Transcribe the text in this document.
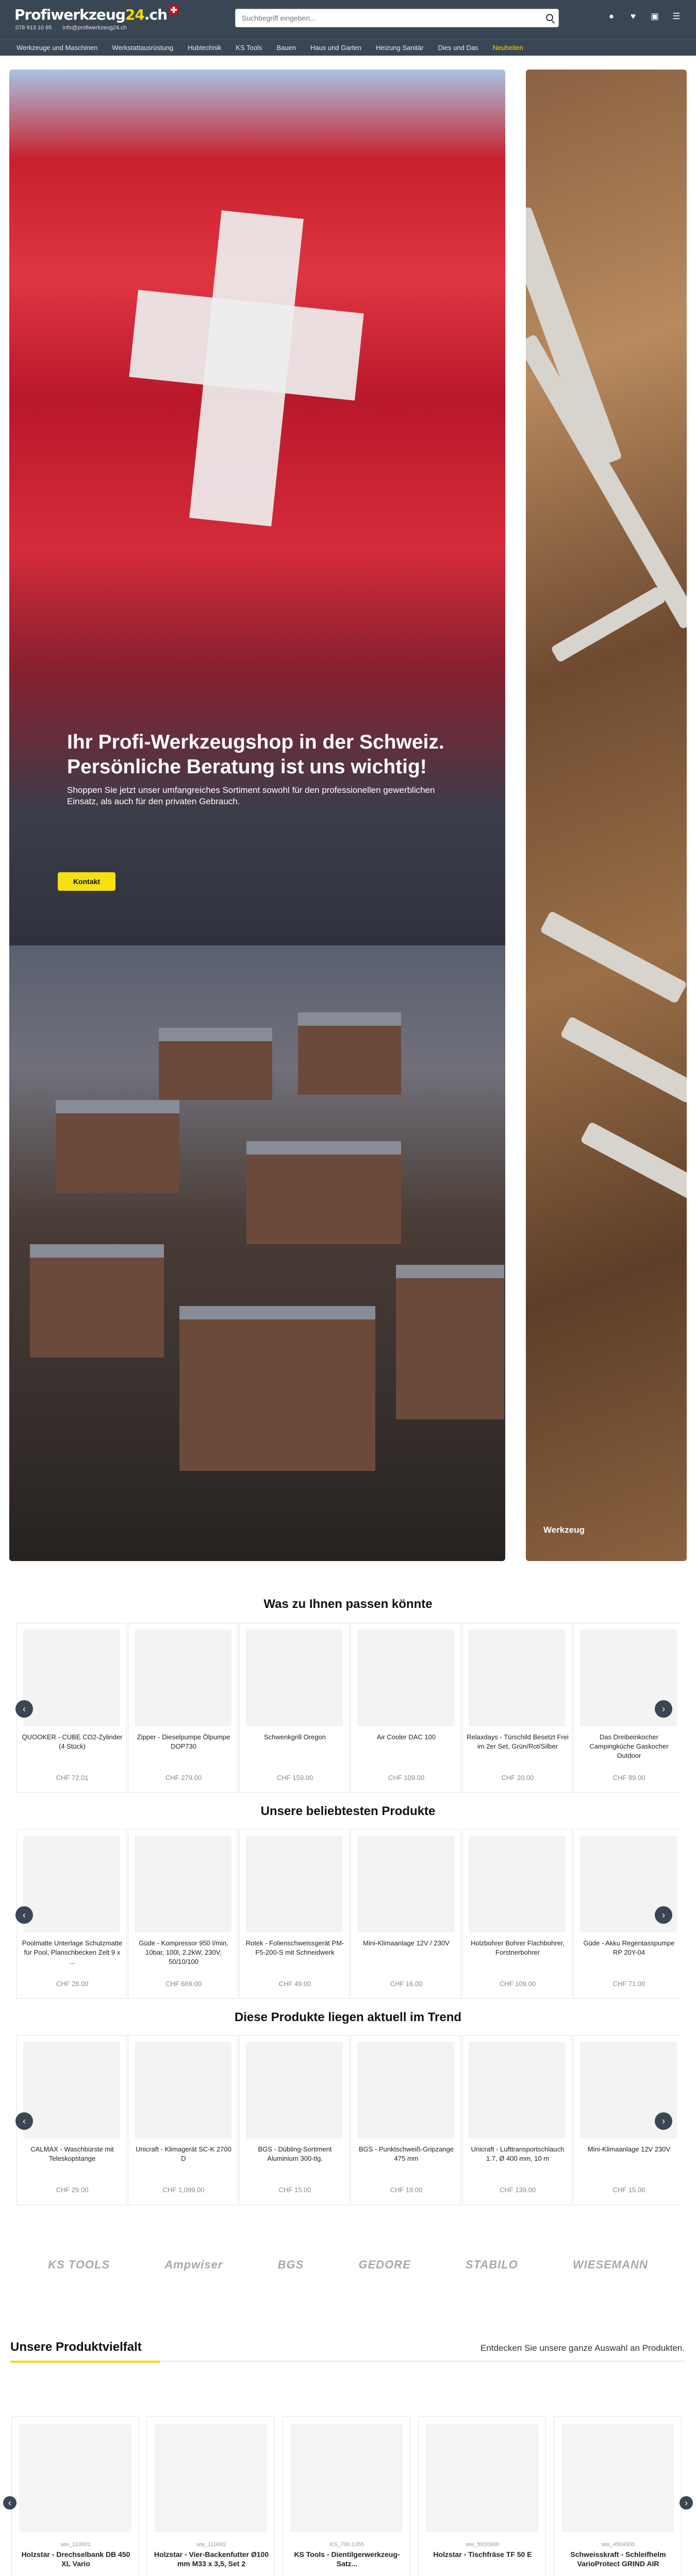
Profiwerkzeug24.ch
078 913 10 85 info@profiwerkzeug24.ch
Suchbegriff eingeben...
● ♥ ▣ ☰
Werkzeuge und Maschinen Werkstattausrüstung Hubtechnik KS Tools Bauen Haus und Garten Heizung Sanitär Dies und Das Neuheiten
Ihr Profi-Werkzeugshop in der Schweiz.
Persönliche Beratung ist uns wichtig!

Shoppen Sie jetzt unser umfangreiches Sortiment sowohl für den professionellen gewerblichen Einsatz, als auch für den privaten Gebrauch.

Kontakt
Werkzeug
Was zu Ihnen passen könnte
QUOOKER - CUBE CO2-Zylinder (4 Stück)
CHF 72.01
Zipper - Dieselpumpe Ölpumpe DOP730
CHF 279.00
Schwenkgrill Oregon
CHF 159.00
Air Cooler DAC 100
CHF 109.00
Relaxdays - Türschild Besetzt Frei im 2er Set, Grün/Rot/Silber
CHF 20.00
Das Dreibeinkocher Campingküche Gaskocher Outdoor
CHF 89.00
‹	›
Unsere beliebtesten Produkte
Poolmatte Unterlage Schutzmatte für Pool, Planschbecken Zelt 9 x ...
CHF 28.00
Güde - Kompressor 950 l/min, 10bar, 100l, 2,2kW, 230V, 50/10/100
CHF 669.00
Rotek - Folienschweissgerät PM-F5-200-S mit Schneidwerk
CHF 49.00
Mini-Klimaanlage 12V / 230V
CHF 16.00
Holzbohrer Bohrer Flachbohrer, Forstnerbohrer
CHF 109.00
Güde - Akku Regentasspumpe RP 20Y-04
CHF 71.00
‹	›
Diese Produkte liegen aktuell im Trend
CALMAX - Waschbürste mit Teleskopstange
CHF 29.00
Unicraft - Klimagerät SC-K 2700 D
CHF 1,099.00
BGS - Dübling-Sortiment Aluminium 300-tlg.
CHF 15.00
BGS - Punktschweiß-Gripzange 475 mm
CHF 19.00
Unicraft - Lufttransportschlauch 1.7, Ø 400 mm, 10 m
CHF 139.00
Mini-Klimaanlage 12V 230V
CHF 15.00
‹	›
KS TOOLS	Ampwiser	BGS	GEDORE	STABILO	WIESEMANN
Unsere Produktvielfalt	Entdecken Sie unsere ganze Auswahl an Produkten.
ww_110001
Holzstar - Drechselbank DB 450 XL Vario
ww_110002
Holzstar - Vier-Backenfutter Ø100 mm M33 x 3,5, Set 2
KS_700.1355
KS Tools - Dientilgerwerkzeug-Satz...
ww_5910900
Holzstar - Tischfräse TF 50 E
ww_4504300
Schweisskraft - Schleifhelm VarioProtect GRIND AIR
‹	›
